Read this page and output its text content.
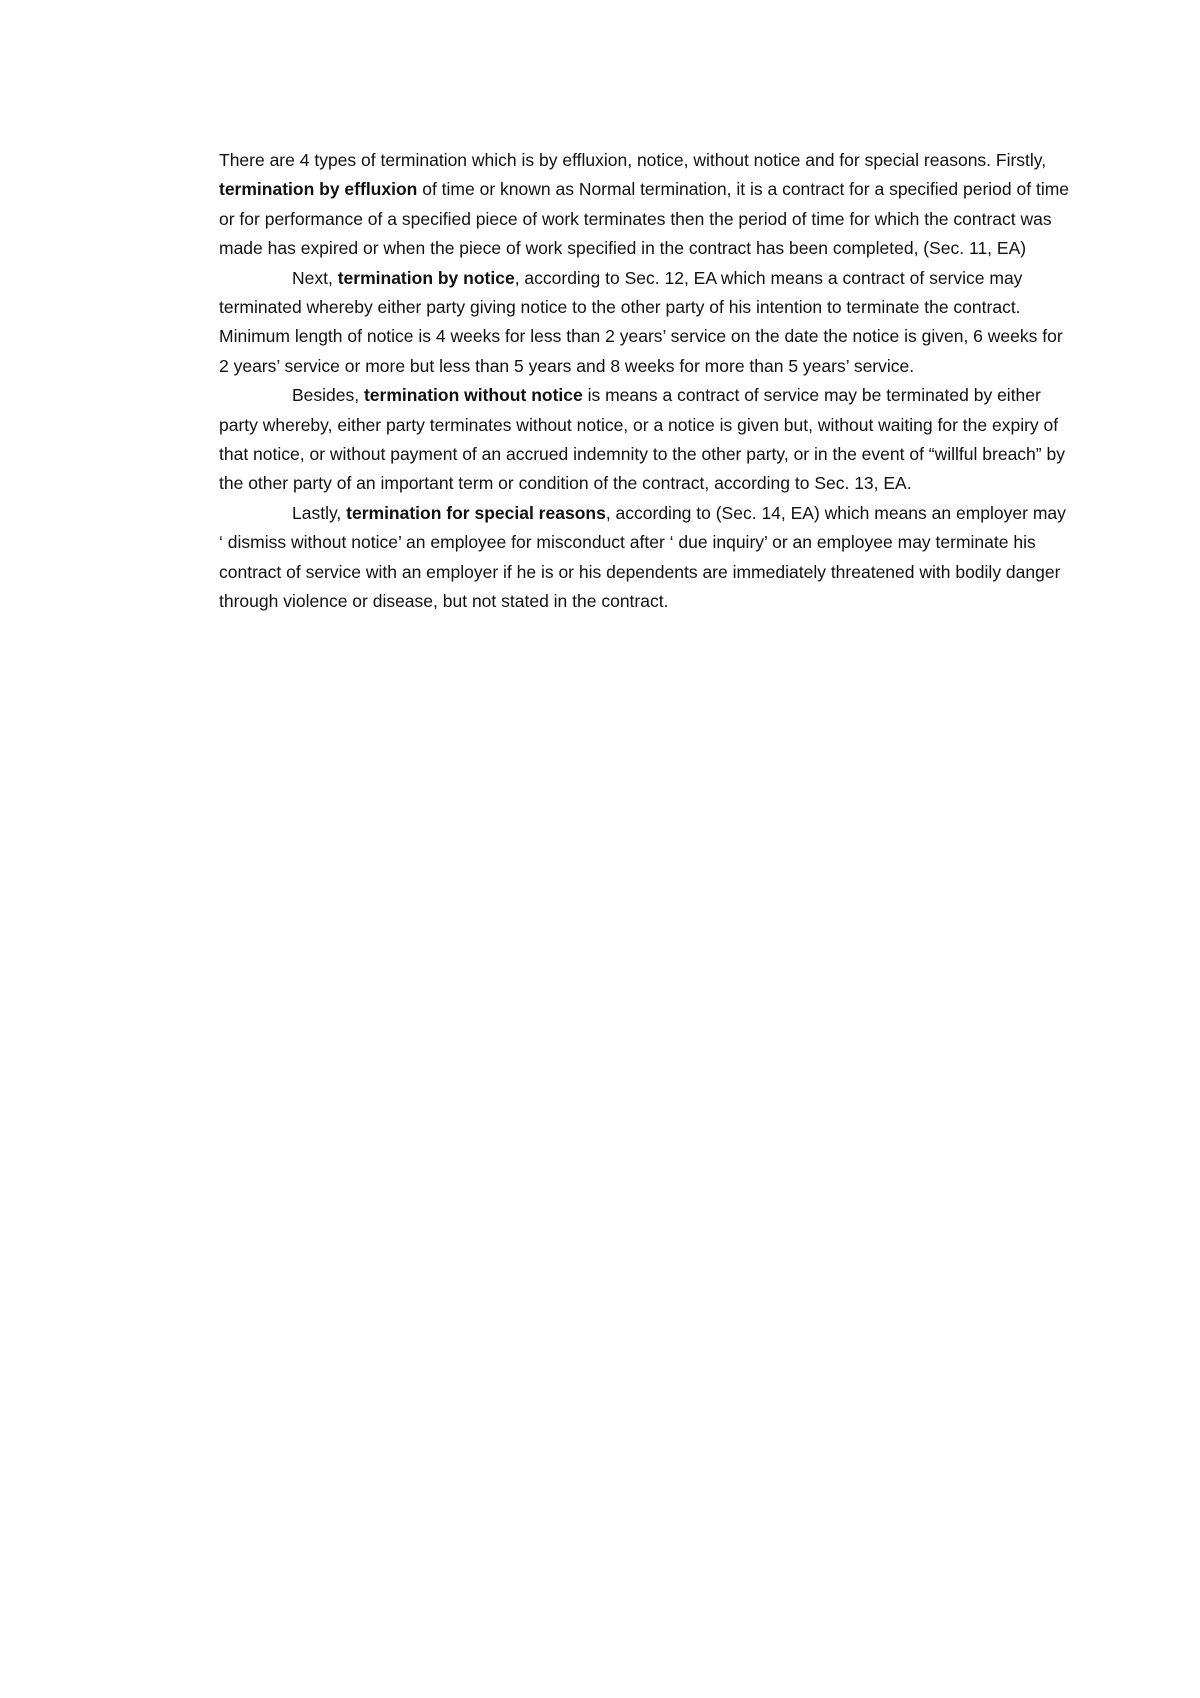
There are 4 types of termination which is by effluxion, notice, without notice and for special reasons. Firstly, termination by effluxion of time or known as Normal termination, it is a contract for a specified period of time or for performance of a specified piece of work terminates then the period of time for which the contract was made has expired or when the piece of work specified in the contract has been completed, (Sec. 11, EA)

Next, termination by notice, according to Sec. 12, EA which means a contract of service may terminated whereby either party giving notice to the other party of his intention to terminate the contract. Minimum length of notice is 4 weeks for less than 2 years’ service on the date the notice is given, 6 weeks for 2 years’ service or more but less than 5 years and 8 weeks for more than 5 years’ service.

Besides, termination without notice is means a contract of service may be terminated by either party whereby, either party terminates without notice, or a notice is given but, without waiting for the expiry of that notice, or without payment of an accrued indemnity to the other party, or in the event of “willful breach” by the other party of an important term or condition of the contract, according to Sec. 13, EA.

Lastly, termination for special reasons, according to (Sec. 14, EA) which means an employer may ‘ dismiss without notice’ an employee for misconduct after ‘ due inquiry’ or an employee may terminate his contract of service with an employer if he is or his dependents are immediately threatened with bodily danger through violence or disease, but not stated in the contract.
